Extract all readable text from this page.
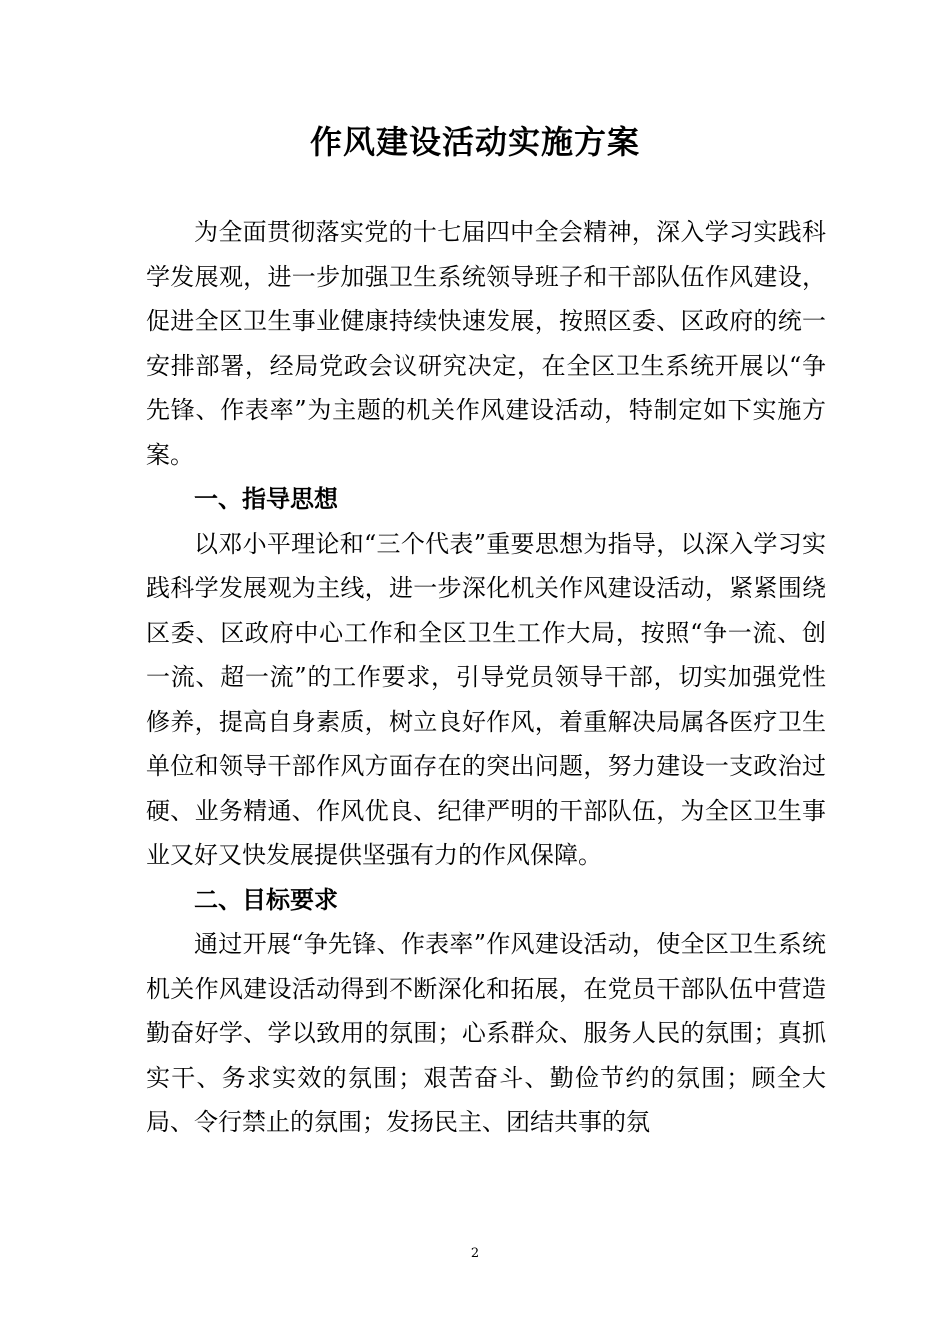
作风建设活动实施方案

为全面贯彻落实党的十七届四中全会精神，深入学习实践科学发展观，进一步加强卫生系统领导班子和干部队伍作风建设，促进全区卫生事业健康持续快速发展，按照区委、区政府的统一安排部署，经局党政会议研究决定，在全区卫生系统开展以“争先锋、作表率”为主题的机关作风建设活动，特制定如下实施方案。

一、指导思想

以邓小平理论和“三个代表”重要思想为指导，以深入学习实践科学发展观为主线，进一步深化机关作风建设活动，紧紧围绕区委、区政府中心工作和全区卫生工作大局，按照“争一流、创一流、超一流”的工作要求，引导党员领导干部，切实加强党性修养，提高自身素质，树立良好作风，着重解决局属各医疗卫生单位和领导干部作风方面存在的突出问题，努力建设一支政治过硬、业务精通、作风优良、纪律严明的干部队伍，为全区卫生事业又好又快发展提供坚强有力的作风保障。

二、目标要求

通过开展“争先锋、作表率”作风建设活动，使全区卫生系统机关作风建设活动得到不断深化和拓展，在党员干部队伍中营造勤奋好学、学以致用的氛围；心系群众、服务人民的氛围；真抓实干、务求实效的氛围；艰苦奋斗、勤俭节约的氛围；顾全大局、令行禁止的氛围；发扬民主、团结共事的氛

2
